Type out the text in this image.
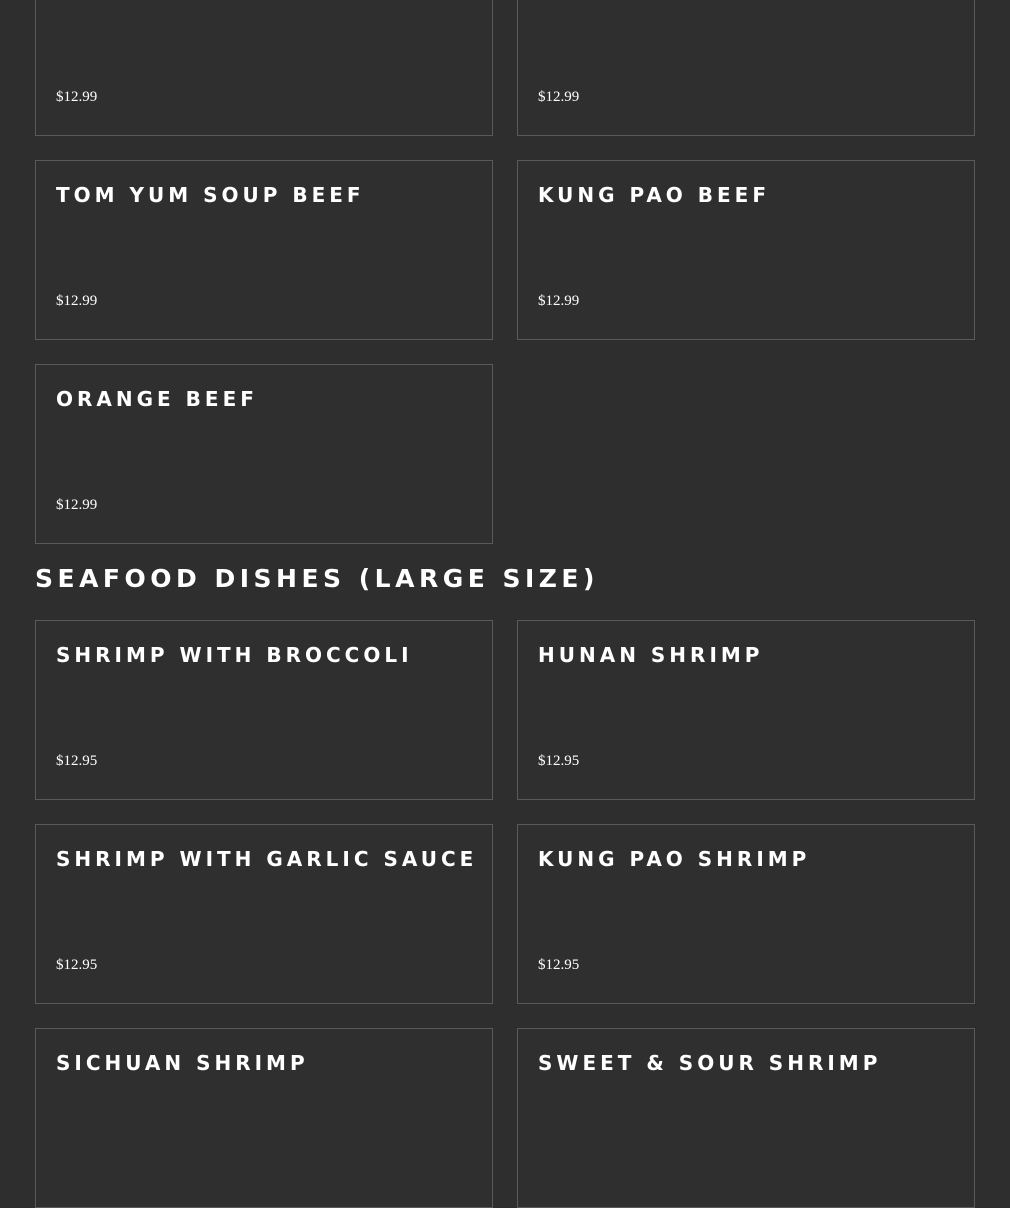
$12.99	$12.99
TOM YUM SOUP BEEF
$12.99
KUNG PAO BEEF
$12.99
ORANGE BEEF
$12.99
SEAFOOD DISHES (LARGE SIZE)
SHRIMP WITH BROCCOLI
$12.95
HUNAN SHRIMP
$12.95
SHRIMP WITH GARLIC SAUCE
$12.95
KUNG PAO SHRIMP
$12.95
SICHUAN SHRIMP	SWEET & SOUR SHRIMP
